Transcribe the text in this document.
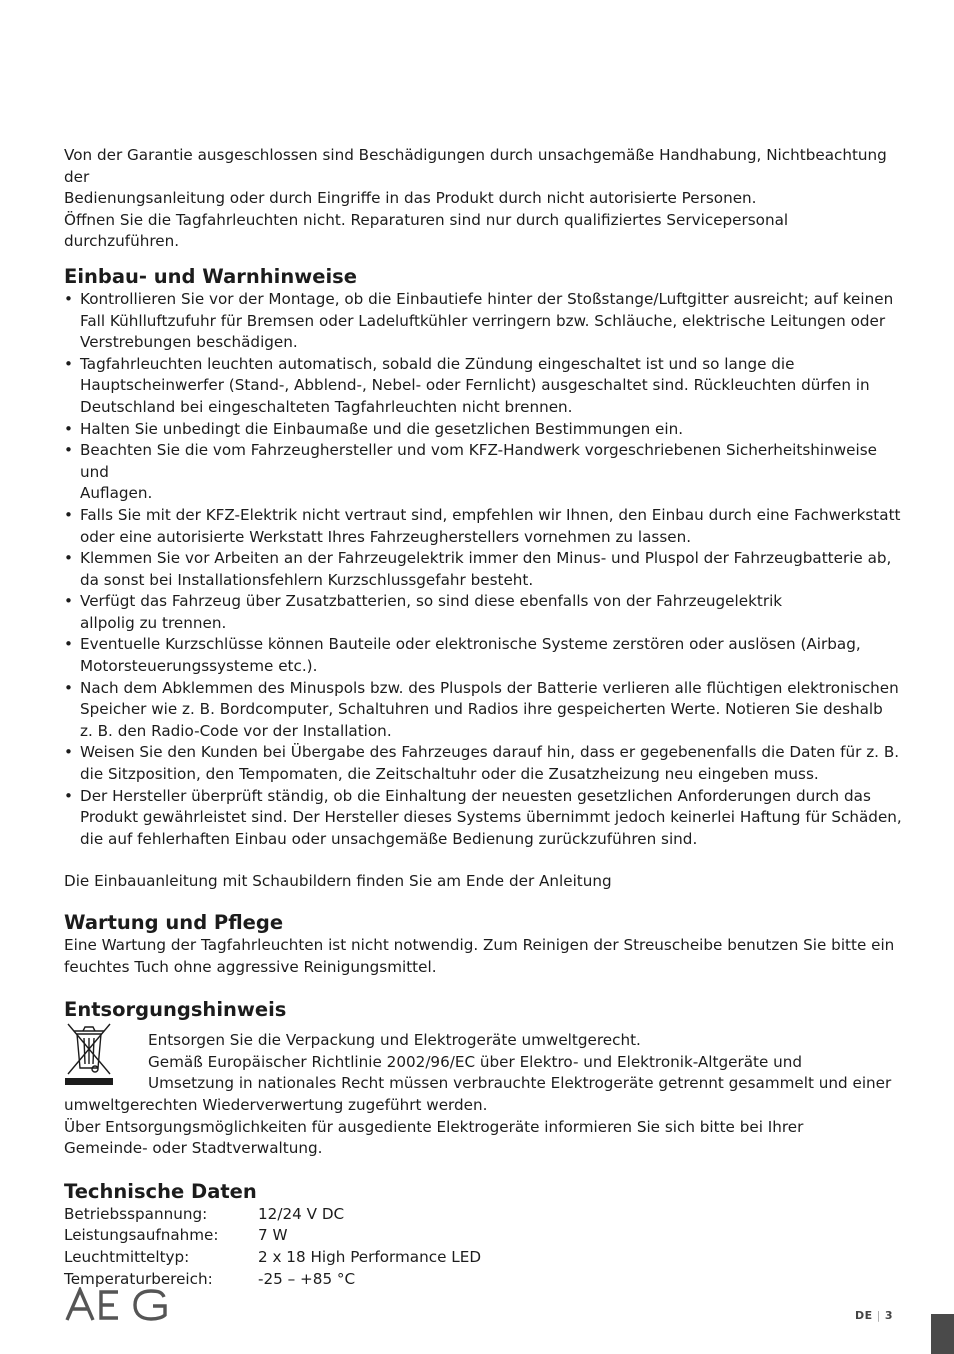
Von der Garantie ausgeschlossen sind Beschädigungen durch unsachgemäße Handhabung, Nichtbeachtung der
Bedienungsanleitung oder durch Eingriffe in das Produkt durch nicht autorisierte Personen.

Öffnen Sie die Tagfahrleuchten nicht. Reparaturen sind nur durch qualifiziertes Servicepersonal durchzuführen.

Einbau- und Warnhinweise
• Kontrollieren Sie vor der Montage, ob die Einbautiefe hinter der Stoßstange/Luftgitter ausreicht; auf keinen
Fall Kühlluftzufuhr für Bremsen oder Ladeluftkühler verringern bzw. Schläuche, elektrische Leitungen oder
Verstrebungen beschädigen.
• Tagfahrleuchten leuchten automatisch, sobald die Zündung eingeschaltet ist und so lange die
Hauptscheinwerfer (Stand-, Abblend-, Nebel- oder Fernlicht) ausgeschaltet sind. Rückleuchten dürfen in
Deutschland bei eingeschalteten Tagfahrleuchten nicht brennen.
• Halten Sie unbedingt die Einbaumaße und die gesetzlichen Bestimmungen ein.
• Beachten Sie die vom Fahrzeughersteller und vom KFZ-Handwerk vorgeschriebenen Sicherheitshinweise und
Auflagen.
• Falls Sie mit der KFZ-Elektrik nicht vertraut sind, empfehlen wir Ihnen, den Einbau durch eine Fachwerkstatt
oder eine autorisierte Werkstatt Ihres Fahrzeugherstellers vornehmen zu lassen.
• Klemmen Sie vor Arbeiten an der Fahrzeugelektrik immer den Minus- und Pluspol der Fahrzeugbatterie ab,
da sonst bei Installationsfehlern Kurzschlussgefahr besteht.
• Verfügt das Fahrzeug über Zusatzbatterien, so sind diese ebenfalls von der Fahrzeugelektrik
allpolig zu trennen.
• Eventuelle Kurzschlüsse können Bauteile oder elektronische Systeme zerstören oder auslösen (Airbag,
Motorsteuerungssysteme etc.).
• Nach dem Abklemmen des Minuspols bzw. des Pluspols der Batterie verlieren alle flüchtigen elektronischen
Speicher wie z. B. Bordcomputer, Schaltuhren und Radios ihre gespeicherten Werte. Notieren Sie deshalb
z. B. den Radio-Code vor der Installation.
• Weisen Sie den Kunden bei Übergabe des Fahrzeuges darauf hin, dass er gegebenenfalls die Daten für z. B.
die Sitzposition, den Tempomaten, die Zeitschaltuhr oder die Zusatzheizung neu eingeben muss.
• Der Hersteller überprüft ständig, ob die Einhaltung der neuesten gesetzlichen Anforderungen durch das
Produkt gewährleistet sind. Der Hersteller dieses Systems übernimmt jedoch keinerlei Haftung für Schäden,
die auf fehlerhaften Einbau oder unsachgemäße Bedienung zurückzuführen sind.

Die Einbauanleitung mit Schaubildern finden Sie am Ende der Anleitung

Wartung und Pflege

Eine Wartung der Tagfahrleuchten ist nicht notwendig. Zum Reinigen der Streuscheibe benutzen Sie bitte ein
feuchtes Tuch ohne aggressive Reinigungsmittel.

Entsorgungshinweis

Entsorgen Sie die Verpackung und Elektrogeräte umweltgerecht.

Gemäß Europäischer Richtlinie 2002/96/EC über Elektro- und Elektronik-Altgeräte und

Umsetzung in nationales Recht müssen verbrauchte Elektrogeräte getrennt gesammelt und einer

umweltgerechten Wiederverwertung zugeführt werden.

Über Entsorgungsmöglichkeiten für ausgediente Elektrogeräte informieren Sie sich bitte bei Ihrer
Gemeinde- oder Stadtverwaltung.

Technische Daten
Betriebsspannung:	12/24 V DC
Leistungsaufnahme:	7 W
Leuchtmitteltyp:	2 x 18 High Performance LED
Temperaturbereich:	-25 – +85 °C
DE | 3
